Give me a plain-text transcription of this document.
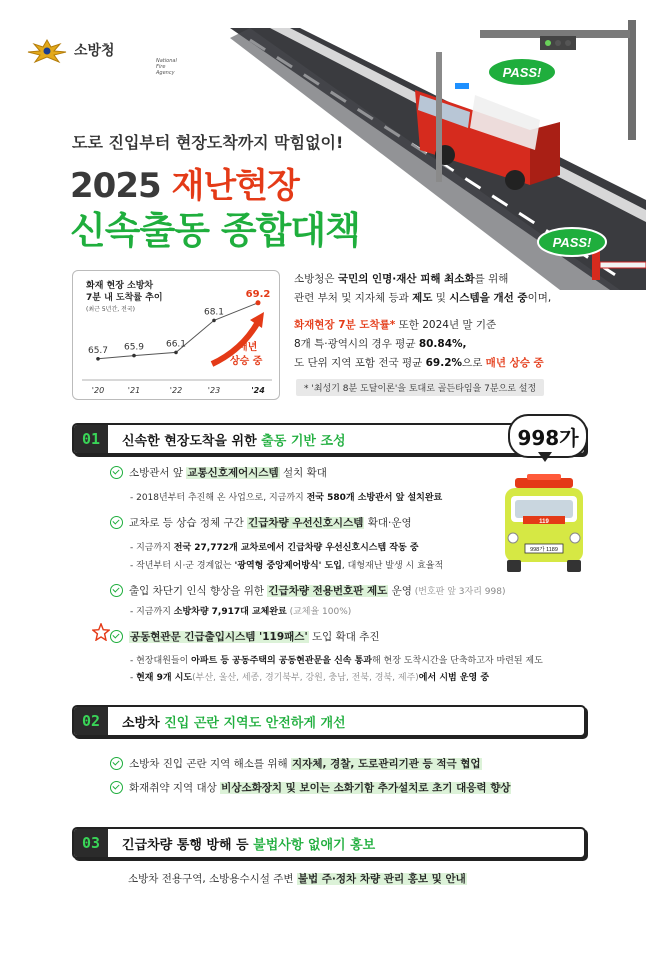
소방청
National Fire Agency	PASS!
PASS!
도로 진입부터 현장도착까지 막힘없이!
2025 재난현장
신속출동 종합대책
화재 현장 소방차
7분 내 도착률 추이
(최근 5년간, 전국)
65.7
'20
65.9
'21
66.1
'22
68.1
'23
69.2
'24
매년
상승 중
소방청은 국민의 인명·재산 피해 최소화를 위해
관련 부처 및 지자체 등과 제도 및 시스템을 개선 중이며,
화재현장 7분 도착률* 또한 2024년 말 기준
8개 특·광역시의 경우 평균 80.84%,
도 단위 지역 포함 전국 평균 69.2%으로 매년 상승 중
* '최성기 8분 도달이론'을 토대로 골든타임을 7분으로 설정
01	신속한 현장도착을 위한 출동 기반 조성	998가
119
998가 1189
소방관서 앞 교통신호제어시스템 설치 확대
- 2018년부터 추진해 온 사업으로, 지금까지 전국 580개 소방관서 앞 설치완료
교차로 등 상습 정체 구간 긴급차량 우선신호시스템 확대·운영
- 지금까지 전국 27,772개 교차로에서 긴급차량 우선신호시스템 작동 중
- 작년부터 시·군 경계없는 '광역형 중앙제어방식' 도입, 대형재난 발생 시 효율적
출입 차단기 인식 향상을 위한 긴급차량 전용번호판 제도 운영 (번호판 앞 3자리 998)
- 지금까지 소방차량 7,917대 교체완료 (교체율 100%)
공동현관문 긴급출입시스템 '119패스' 도입 확대 추진
- 현장대원들이 아파트 등 공동주택의 공동현관문을 신속 통과해 현장 도착시간을 단축하고자 마련된 제도
- 현재 9개 시도(부산, 울산, 세종, 경기북부, 강원, 충남, 전북, 경북, 제주)에서 시범 운영 중
02	소방차 진입 곤란 지역도 안전하게 개선
소방차 진입 곤란 지역 해소를 위해 지자체, 경찰, 도로관리기관 등 적극 협업
화재취약 지역 대상 비상소화장치 및 보이는 소화기함 추가설치로 초기 대응력 향상
03	긴급차량 통행 방해 등 불법사항 없애기 홍보
소방차 전용구역, 소방용수시설 주변 불법 주·정차 차량 관리 홍보 및 안내
